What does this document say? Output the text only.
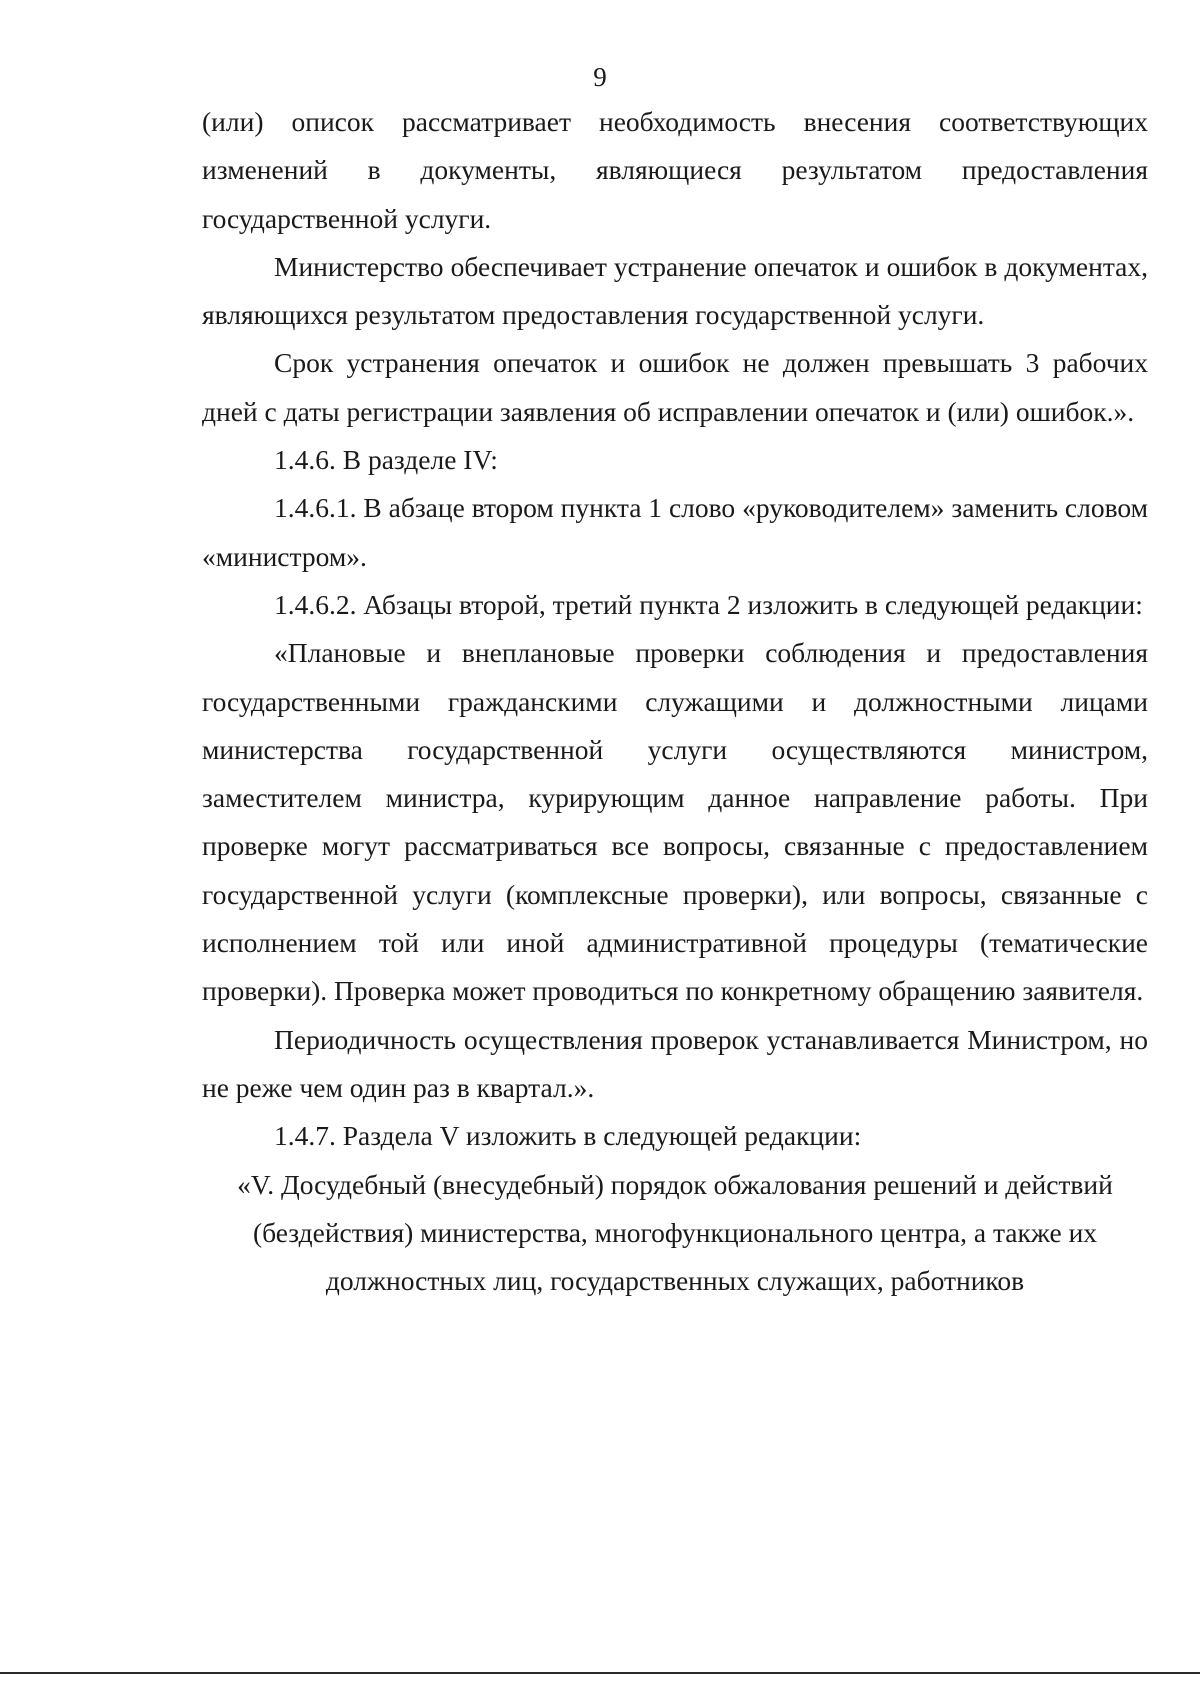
9

(или) описок рассматривает необходимость внесения соответствующих изменений в документы, являющиеся результатом предоставления государственной услуги.

Министерство обеспечивает устранение опечаток и ошибок в документах, являющихся результатом предоставления государственной услуги.

Срок устранения опечаток и ошибок не должен превышать 3 рабочих дней с даты регистрации заявления об исправлении опечаток и (или) ошибок.».

1.4.6. В разделе IV:

1.4.6.1. В абзаце втором пункта 1 слово «руководителем» заменить словом «министром».

1.4.6.2. Абзацы второй, третий пункта 2 изложить в следующей редакции:

«Плановые и внеплановые проверки соблюдения и предоставления государственными гражданскими служащими и должностными лицами министерства государственной услуги осуществляются министром, заместителем министра, курирующим данное направление работы. При проверке могут рассматриваться все вопросы, связанные с предоставлением государственной услуги (комплексные проверки), или вопросы, связанные с исполнением той или иной административной процедуры (тематические проверки). Проверка может проводиться по конкретному обращению заявителя.

Периодичность осуществления проверок устанавливается Министром, но не реже чем один раз в квартал.».

1.4.7. Раздела V изложить в следующей редакции:

«V. Досудебный (внесудебный) порядок обжалования решений и действий (бездействия) министерства, многофункционального центра, а также их должностных лиц, государственных служащих, работников
